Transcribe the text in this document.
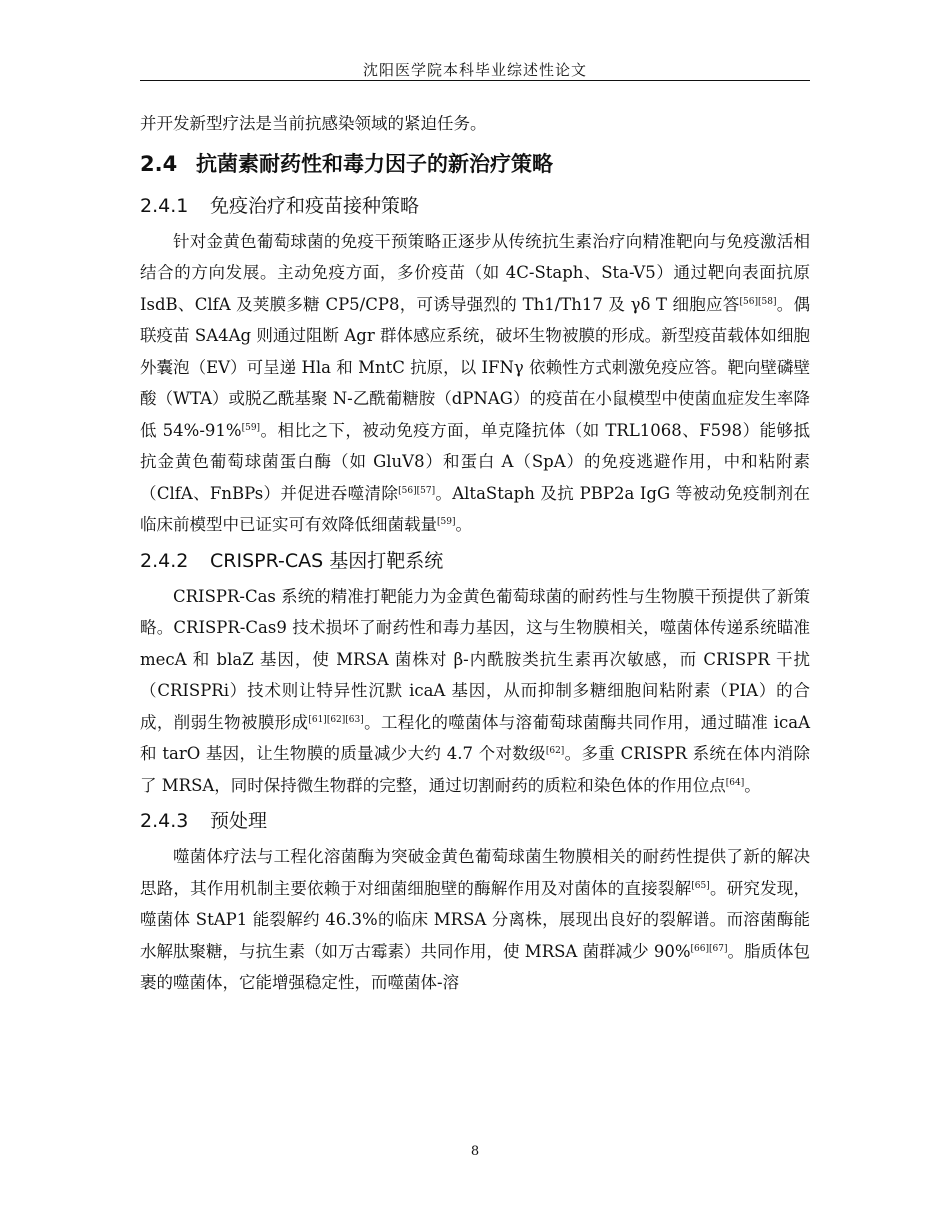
沈阳医学院本科毕业综述性论文

并开发新型疗法是当前抗感染领域的紧迫任务。

2.4 抗菌素耐药性和毒力因子的新治疗策略
2.4.1 免疫治疗和疫苗接种策略

针对金黄色葡萄球菌的免疫干预策略正逐步从传统抗生素治疗向精准靶向与免疫激活相结合的方向发展。主动免疫方面，多价疫苗（如 4C-Staph、Sta-V5）通过靶向表面抗原 IsdB、ClfA 及荚膜多糖 CP5/CP8，可诱导强烈的 Th1/Th17 及 γδ T 细胞应答[56][58]。偶联疫苗 SA4Ag 则通过阻断 Agr 群体感应系统，破坏生物被膜的形成。新型疫苗载体如细胞外囊泡（EV）可呈递 Hla 和 MntC 抗原，以 IFNγ 依赖性方式刺激免疫应答。靶向壁磷壁酸（WTA）或脱乙酰基聚 N-乙酰葡糖胺（dPNAG）的疫苗在小鼠模型中使菌血症发生率降低 54%-91%[59]。相比之下，被动免疫方面，单克隆抗体（如 TRL1068、F598）能够抵抗金黄色葡萄球菌蛋白酶（如 GluV8）和蛋白 A（SpA）的免疫逃避作用，中和粘附素（ClfA、FnBPs）并促进吞噬清除[56][57]。AltaStaph 及抗 PBP2a IgG 等被动免疫制剂在临床前模型中已证实可有效降低细菌载量[59]。

2.4.2 CRISPR-CAS 基因打靶系统

CRISPR-Cas 系统的精准打靶能力为金黄色葡萄球菌的耐药性与生物膜干预提供了新策略。CRISPR-Cas9 技术损坏了耐药性和毒力基因，这与生物膜相关，噬菌体传递系统瞄准 mecA 和 blaZ 基因，使 MRSA 菌株对 β-内酰胺类抗生素再次敏感，而 CRISPR 干扰（CRISPRi）技术则让特异性沉默 icaA 基因，从而抑制多糖细胞间粘附素（PIA）的合成，削弱生物被膜形成[61][62][63]。工程化的噬菌体与溶葡萄球菌酶共同作用，通过瞄准 icaA 和 tarO 基因，让生物膜的质量减少大约 4.7 个对数级[62]。多重 CRISPR 系统在体内消除了 MRSA，同时保持微生物群的完整，通过切割耐药的质粒和染色体的作用位点[64]。

2.4.3 预处理

噬菌体疗法与工程化溶菌酶为突破金黄色葡萄球菌生物膜相关的耐药性提供了新的解决思路，其作用机制主要依赖于对细菌细胞壁的酶解作用及对菌体的直接裂解[65]。研究发现，噬菌体 StAP1 能裂解约 46.3%的临床 MRSA 分离株，展现出良好的裂解谱。而溶菌酶能水解肽聚糖，与抗生素（如万古霉素）共同作用，使 MRSA 菌群减少 90%[66][67]。脂质体包裹的噬菌体，它能增强稳定性，而噬菌体-溶

8
